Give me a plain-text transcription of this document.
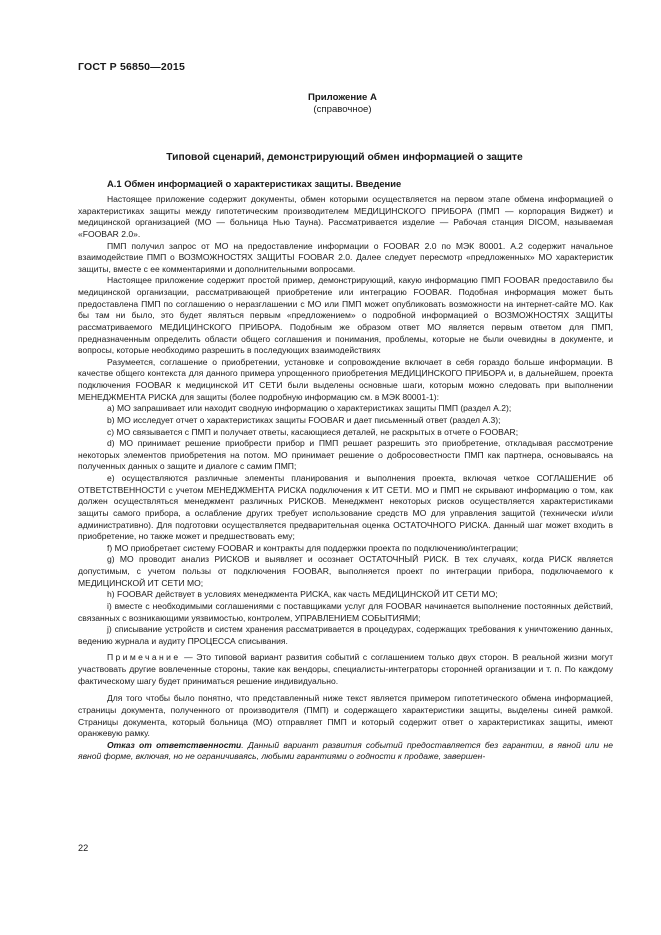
ГОСТ Р 56850—2015
Приложение А
(справочное)
Типовой сценарий, демонстрирующий обмен информацией о защите
А.1 Обмен информацией о характеристиках защиты. Введение

Настоящее приложение содержит документы, обмен которыми осуществляется на первом этапе обмена информацией о характеристиках защиты между гипотетическим производителем МЕДИЦИНСКОГО ПРИБОРА (ПМП — корпорация Виджет) и медицинской организацией (МО — больница Нью Тауна). Рассматривается изделие — Рабочая станция DICOM, называемая «FOOBAR 2.0».

ПМП получил запрос от МО на предоставление информации о FOOBAR 2.0 по МЭК 80001. А.2 содержит начальное взаимодействие ПМП о ВОЗМОЖНОСТЯХ ЗАЩИТЫ FOOBAR 2.0. Далее следует пересмотр «предложенных» МО характеристик защиты, вместе с ее комментариями и дополнительными вопросами.

Настоящее приложение содержит простой пример, демонстрирующий, какую информацию ПМП FOOBAR предоставило бы медицинской организации, рассматривающей приобретение или интеграцию FOOBAR. Подобная информация может быть предоставлена ПМП по соглашению о неразглашении с МО или ПМП может опубликовать возможности на интернет-сайте МО. Как бы там ни было, это будет являться первым «предложением» о подробной информацией о ВОЗМОЖНОСТЯХ ЗАЩИТЫ рассматриваемого МЕДИЦИНСКОГО ПРИБОРА. Подобным же образом ответ МО является первым ответом для ПМП, предназначенным определить области общего соглашения и понимания, проблемы, которые не были очевидны в документе, и вопросы, которые необходимо разрешить в последующих взаимодействиях

Разумеется, соглашение о приобретении, установке и сопровождение включает в себя гораздо больше информации. В качестве общего контекста для данного примера упрощенного приобретения МЕДИЦИНСКОГО ПРИБОРА и, в дальнейшем, проекта подключения FOOBAR к медицинской ИТ СЕТИ были выделены основные шаги, которым можно следовать при выполнении МЕНЕДЖМЕНТА РИСКА для защиты (более подробную информацию см. в МЭК 80001-1):

а) МО запрашивает или находит сводную информацию о характеристиках защиты ПМП (раздел А.2);

b) МО исследует отчет о характеристиках защиты FOOBAR и дает письменный ответ (раздел А.3);

с) МО связывается с ПМП и получает ответы, касающиеся деталей, не раскрытых в отчете о FOOBAR;

d) МО принимает решение приобрести прибор и ПМП решает разрешить это приобретение, откладывая рассмотрение некоторых элементов приобретения на потом. МО принимает решение о добросовестности ПМП как партнера, основываясь на полученных данных о защите и диалоге с самим ПМП;

е) осуществляются различные элементы планирования и выполнения проекта, включая четкое СОГЛАШЕНИЕ об ОТВЕТСТВЕННОСТИ с учетом МЕНЕДЖМЕНТА РИСКА подключения к ИТ СЕТИ. МО и ПМП не скрывают информацию о том, как должен осуществляться менеджмент различных РИСКОВ. Менеджмент некоторых рисков осуществляется характеристиками защиты самого прибора, а ослабление других требует использование средств МО для управления защитой (технически и/или административно). Для подготовки осуществляется предварительная оценка ОСТАТОЧНОГО РИСКА. Данный шаг может входить в приобретение, но также может и предшествовать ему;

f) МО приобретает систему FOOBAR и контракты для поддержки проекта по подключению/интеграции;

g) МО проводит анализ РИСКОВ и выявляет и осознает ОСТАТОЧНЫЙ РИСК. В тех случаях, когда РИСК является допустимым, с учетом пользы от подключения FOOBAR, выполняется проект по интеграции прибора, подключаемого к МЕДИЦИНСКОЙ ИТ СЕТИ МО;

h) FOOBAR действует в условиях менеджмента РИСКА, как часть МЕДИЦИНСКОЙ ИТ СЕТИ МО;

i) вместе с необходимыми соглашениями с поставщиками услуг для FOOBAR начинается выполнение постоянных действий, связанных с возникающими уязвимостью, контролем, УПРАВЛЕНИЕМ СОБЫТИЯМИ;

j) списывание устройств и систем хранения рассматривается в процедурах, содержащих требования к уничтожению данных, ведению журнала и аудиту ПРОЦЕССА списывания.

Примечание — Это типовой вариант развития событий с соглашением только двух сторон. В реальной жизни могут участвовать другие вовлеченные стороны, такие как вендоры, специалисты-интеграторы сторонней организации и т. п. По каждому фактическому шагу будет приниматься решение индивидуально.

Для того чтобы было понятно, что представленный ниже текст является примером гипотетического обмена информацией, страницы документа, полученного от производителя (ПМП) и содержащего характеристики защиты, выделены синей рамкой. Страницы документа, который больница (МО) отправляет ПМП и который содержит ответ о характеристиках защиты, имеют оранжевую рамку.

Отказ от ответственности. Данный вариант развития событий предоставляется без гарантии, в явной или не явной форме, включая, но не ограничиваясь, любыми гарантиями о годности к продаже, завершен-

22
